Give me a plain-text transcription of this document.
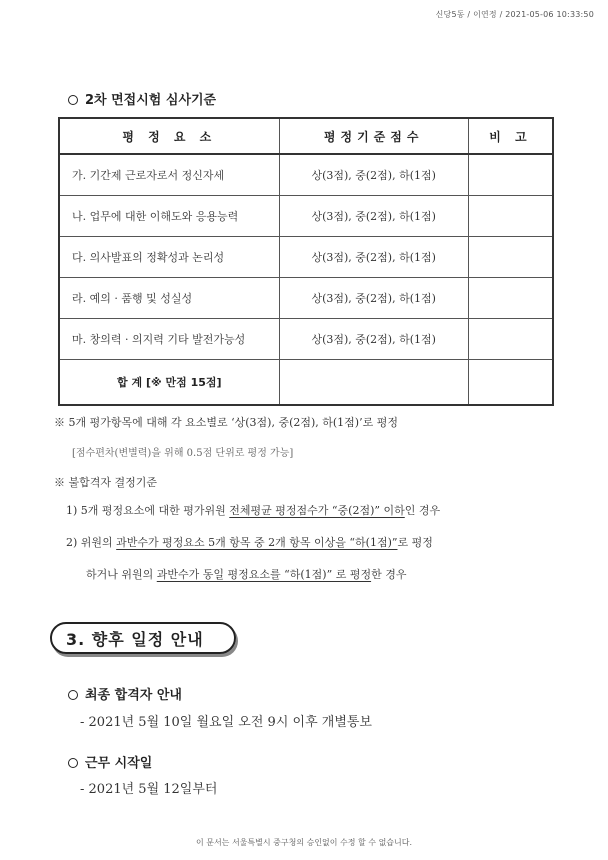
신당5동 / 이연정 / 2021-05-06 10:33:50
2차 면접시험 심사기준
평 정 요 소	평정기준점수	비 고
가. 기간제 근로자로서 정신자세	상(3점), 중(2점), 하(1점)	
나. 업무에 대한 이해도와 응용능력	상(3점), 중(2점), 하(1점)	
다. 의사발표의 정확성과 논리성	상(3점), 중(2점), 하(1점)	
라. 예의 · 품행 및 성실성	상(3점), 중(2점), 하(1점)	
마. 창의력 · 의지력 기타 발전가능성	상(3점), 중(2점), 하(1점)	
합 계 [※ 만점 15점]		
※ 5개 평가항목에 대해 각 요소별로 ‘상(3점), 중(2점), 하(1점)’로 평정
[점수편차(변별력)을 위해 0.5점 단위로 평정 가능]
※ 불합격자 결정기준
1) 5개 평정요소에 대한 평가위원 전체평균 평정점수가 “중(2점)” 이하인 경우
2) 위원의 과반수가 평정요소 5개 항목 중 2개 항목 이상을 “하(1점)”로 평정
하거나 위원의 과반수가 동일 평정요소를 “하(1점)” 로 평정한 경우
3. 향후 일정 안내
최종 합격자 안내
- 2021년 5월 10일 월요일 오전 9시 이후 개별통보
근무 시작일
- 2021년 5월 12일부터
이 문서는 서울특별시 중구청의 승인없이 수정 할 수 없습니다.
